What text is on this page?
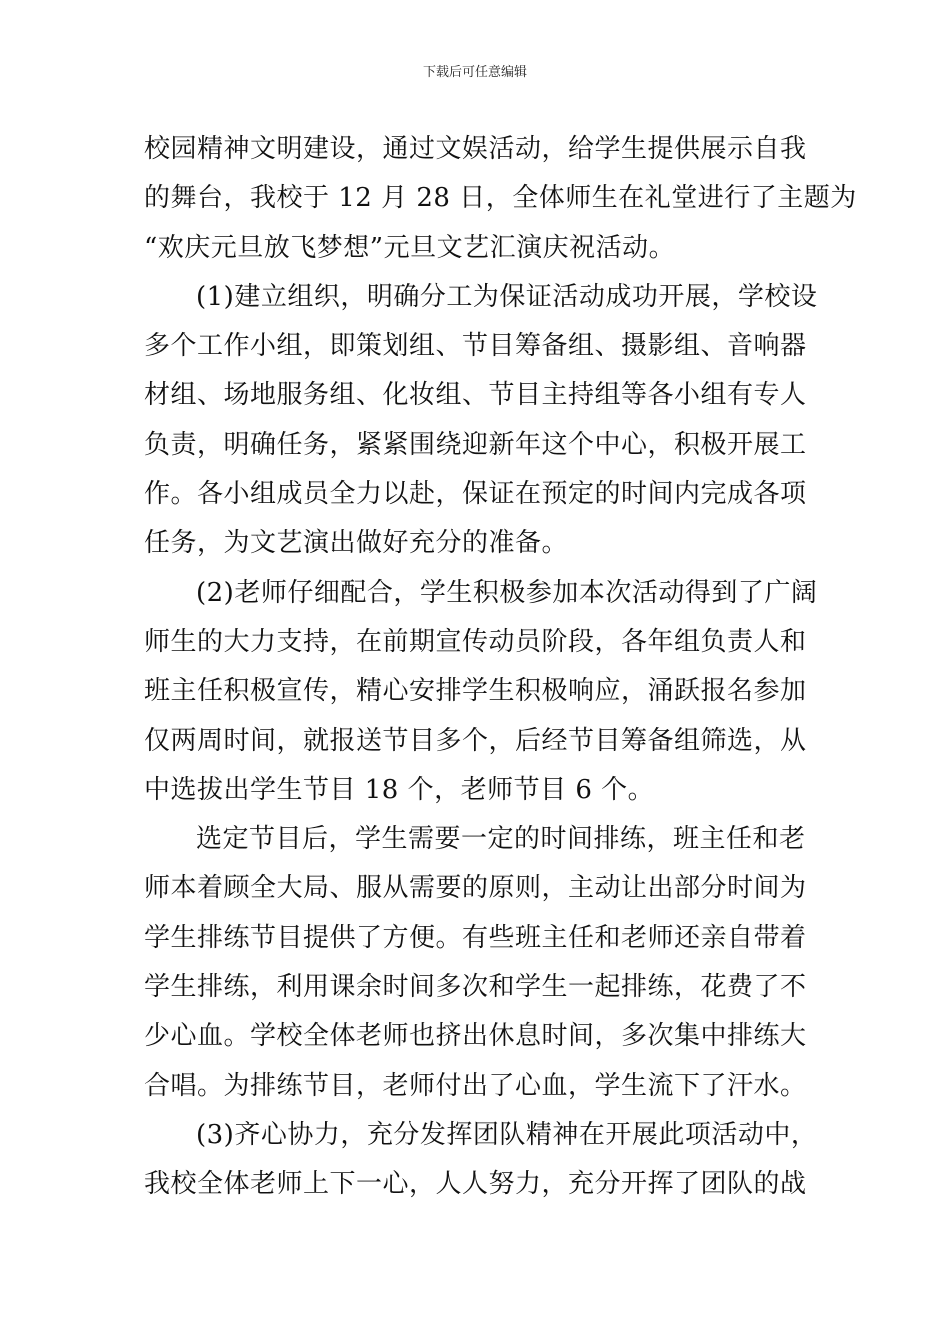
下载后可任意编辑
校园精神文明建设，通过文娱活动，给学生提供展示自我
的舞台，我校于 12 月 28 日，全体师生在礼堂进行了主题为
“欢庆元旦放飞梦想”元旦文艺汇演庆祝活动。
(1)建立组织，明确分工为保证活动成功开展，学校设
多个工作小组，即策划组、节目筹备组、摄影组、音响器
材组、场地服务组、化妆组、节目主持组等各小组有专人
负责，明确任务，紧紧围绕迎新年这个中心，积极开展工
作。各小组成员全力以赴，保证在预定的时间内完成各项
任务，为文艺演出做好充分的准备。
(2)老师仔细配合，学生积极参加本次活动得到了广阔
师生的大力支持，在前期宣传动员阶段，各年组负责人和
班主任积极宣传，精心安排学生积极响应，涌跃报名参加
仅两周时间，就报送节目多个，后经节目筹备组筛选，从
中选拔出学生节目 18 个，老师节目 6 个。
选定节目后，学生需要一定的时间排练，班主任和老
师本着顾全大局、服从需要的原则，主动让出部分时间为
学生排练节目提供了方便。有些班主任和老师还亲自带着
学生排练，利用课余时间多次和学生一起排练，花费了不
少心血。学校全体老师也挤出休息时间，多次集中排练大
合唱。为排练节目，老师付出了心血，学生流下了汗水。
(3)齐心协力，充分发挥团队精神在开展此项活动中，
我校全体老师上下一心，人人努力，充分开挥了团队的战
